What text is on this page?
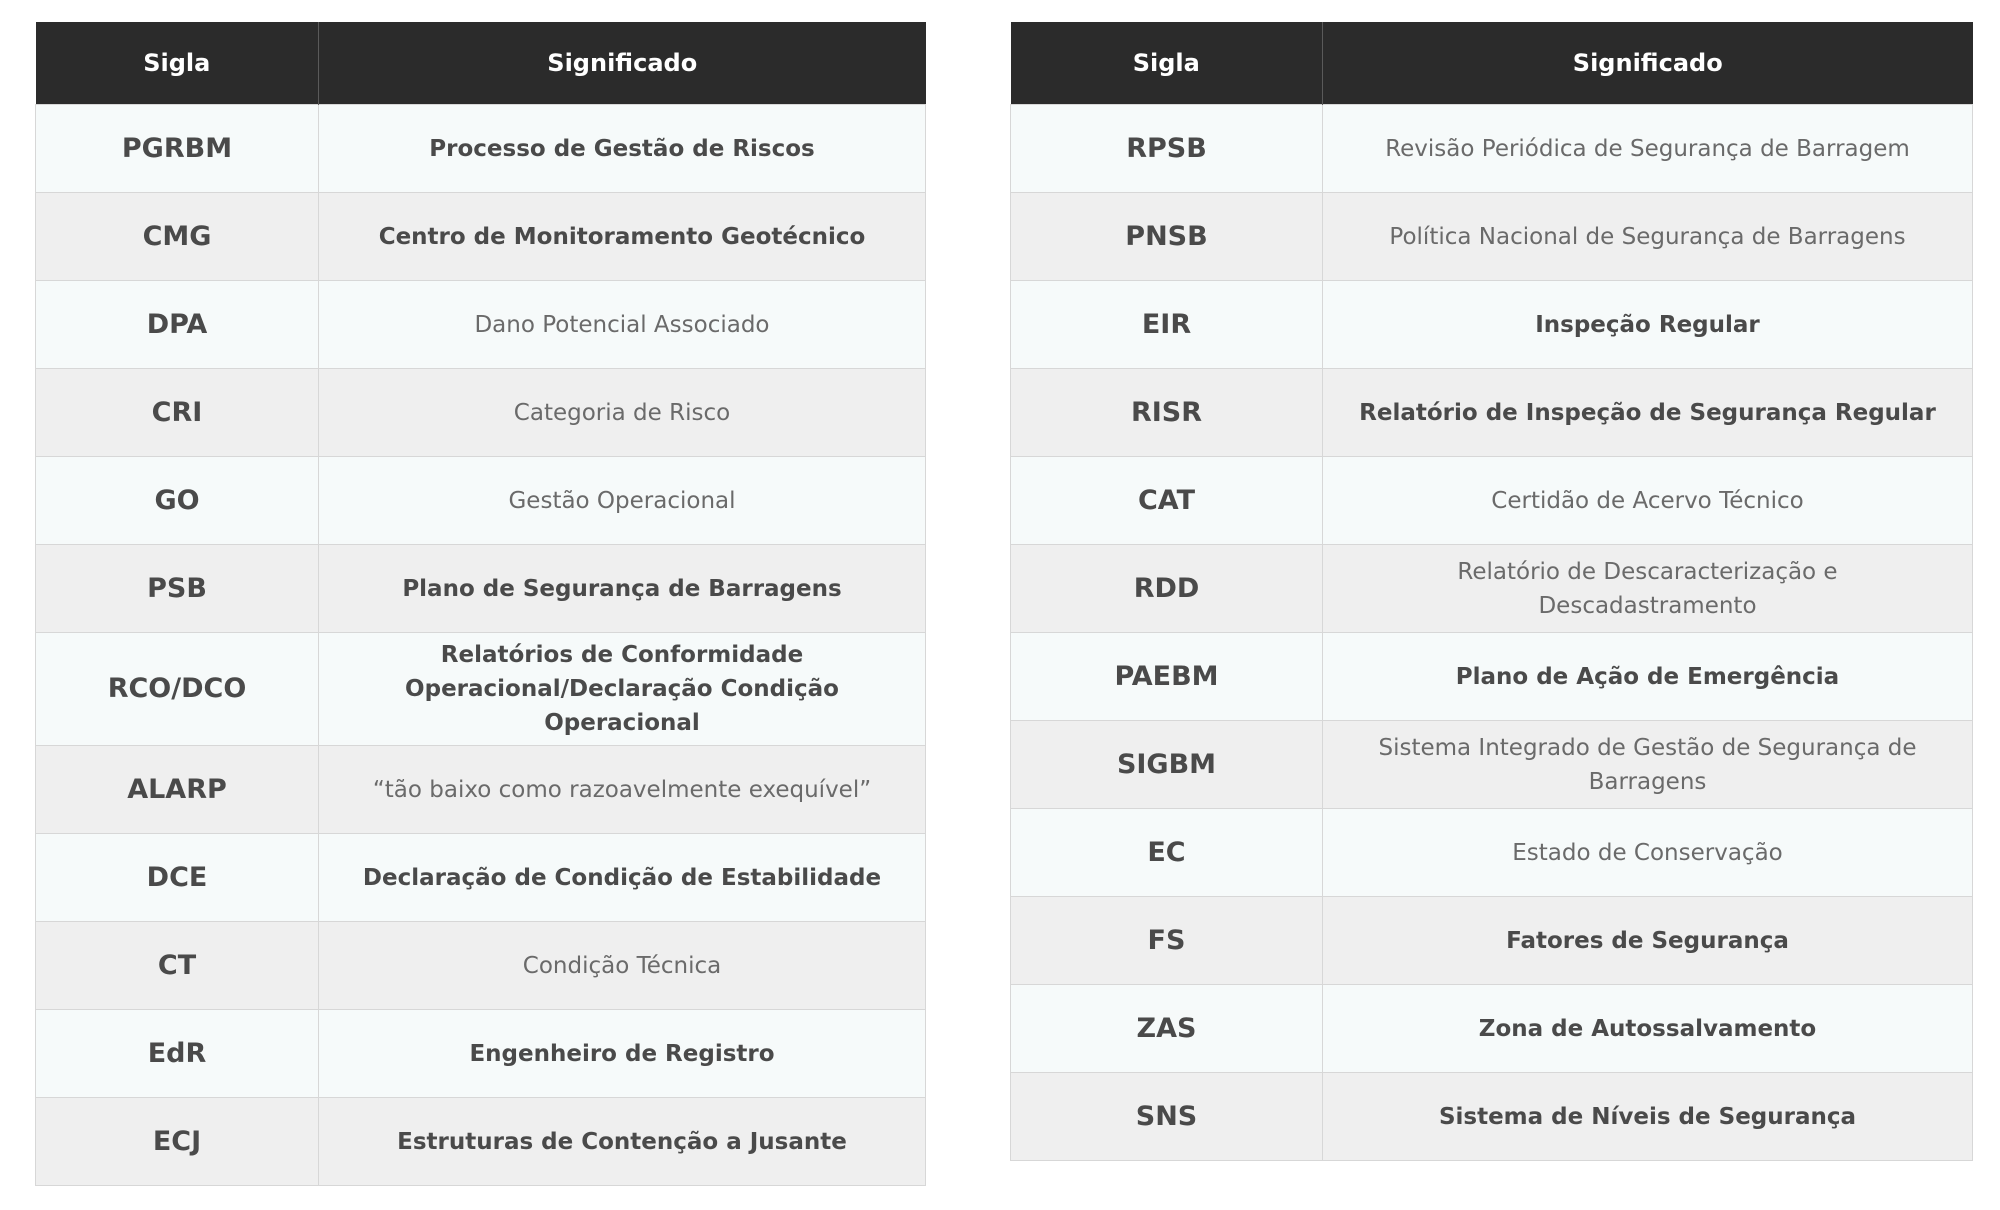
Sigla	Significado
PGRBM	Processo de Gestão de Riscos
CMG	Centro de Monitoramento Geotécnico
DPA	Dano Potencial Associado
CRI	Categoria de Risco
GO	Gestão Operacional
PSB	Plano de Segurança de Barragens
RCO/DCO	Relatórios de Conformidade Operacional/Declaração Condição Operacional
ALARP	“tão baixo como razoavelmente exequível”
DCE	Declaração de Condição de Estabilidade
CT	Condição Técnica
EdR	Engenheiro de Registro
ECJ	Estruturas de Contenção a Jusante
Sigla	Significado
RPSB	Revisão Periódica de Segurança de Barragem
PNSB	Política Nacional de Segurança de Barragens
EIR	Inspeção Regular
RISR	Relatório de Inspeção de Segurança Regular
CAT	Certidão de Acervo Técnico
RDD	Relatório de Descaracterização e Descadastramento
PAEBM	Plano de Ação de Emergência
SIGBM	Sistema Integrado de Gestão de Segurança de Barragens
EC	Estado de Conservação
FS	Fatores de Segurança
ZAS	Zona de Autossalvamento
SNS	Sistema de Níveis de Segurança
